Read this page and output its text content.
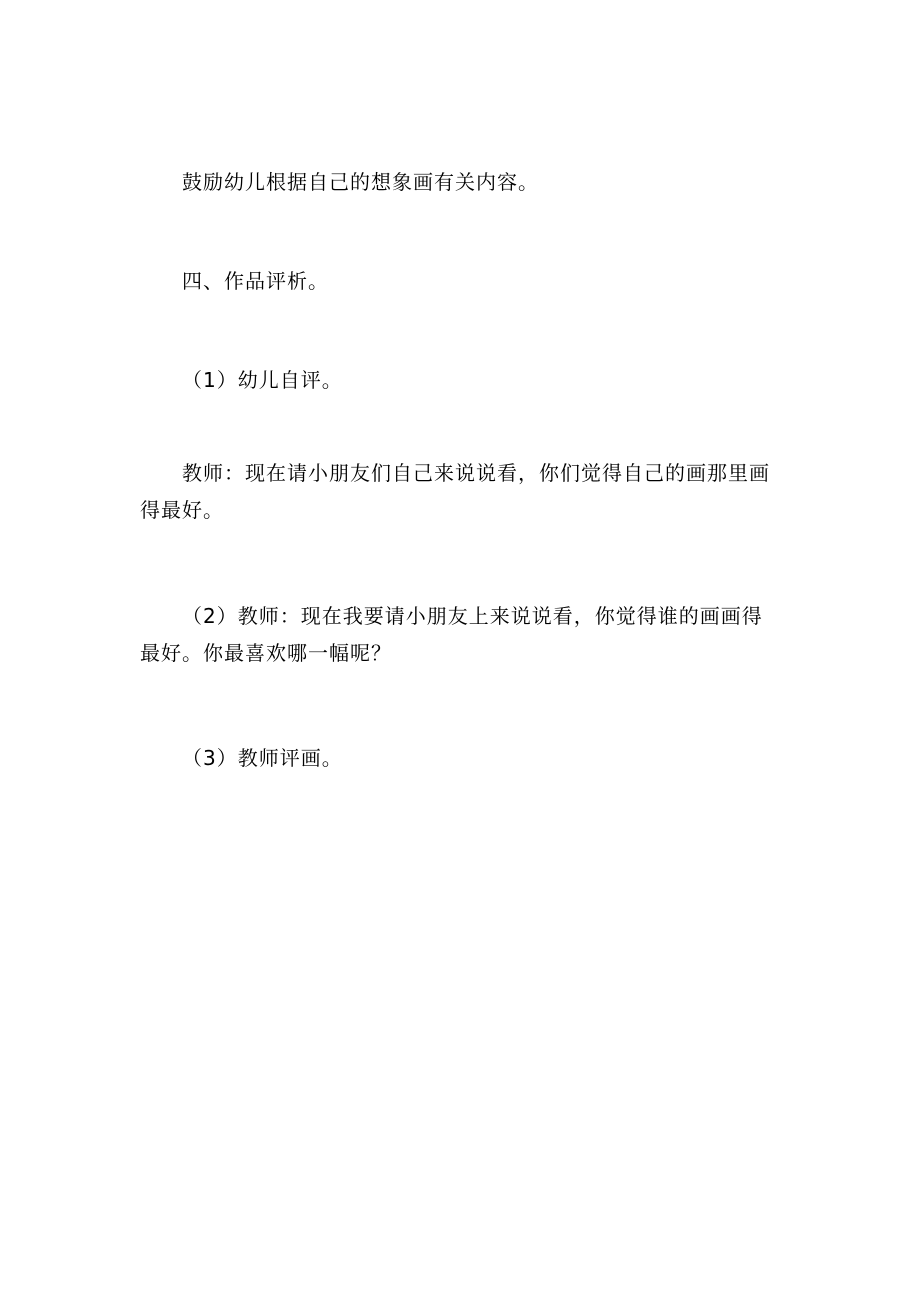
鼓励幼儿根据自己的想象画有关内容。

四、作品评析。

（1）幼儿自评。

教师：现在请小朋友们自己来说说看，你们觉得自己的画那里画得最好。

（2）教师：现在我要请小朋友上来说说看，你觉得谁的画画得最好。你最喜欢哪一幅呢？

（3）教师评画。
